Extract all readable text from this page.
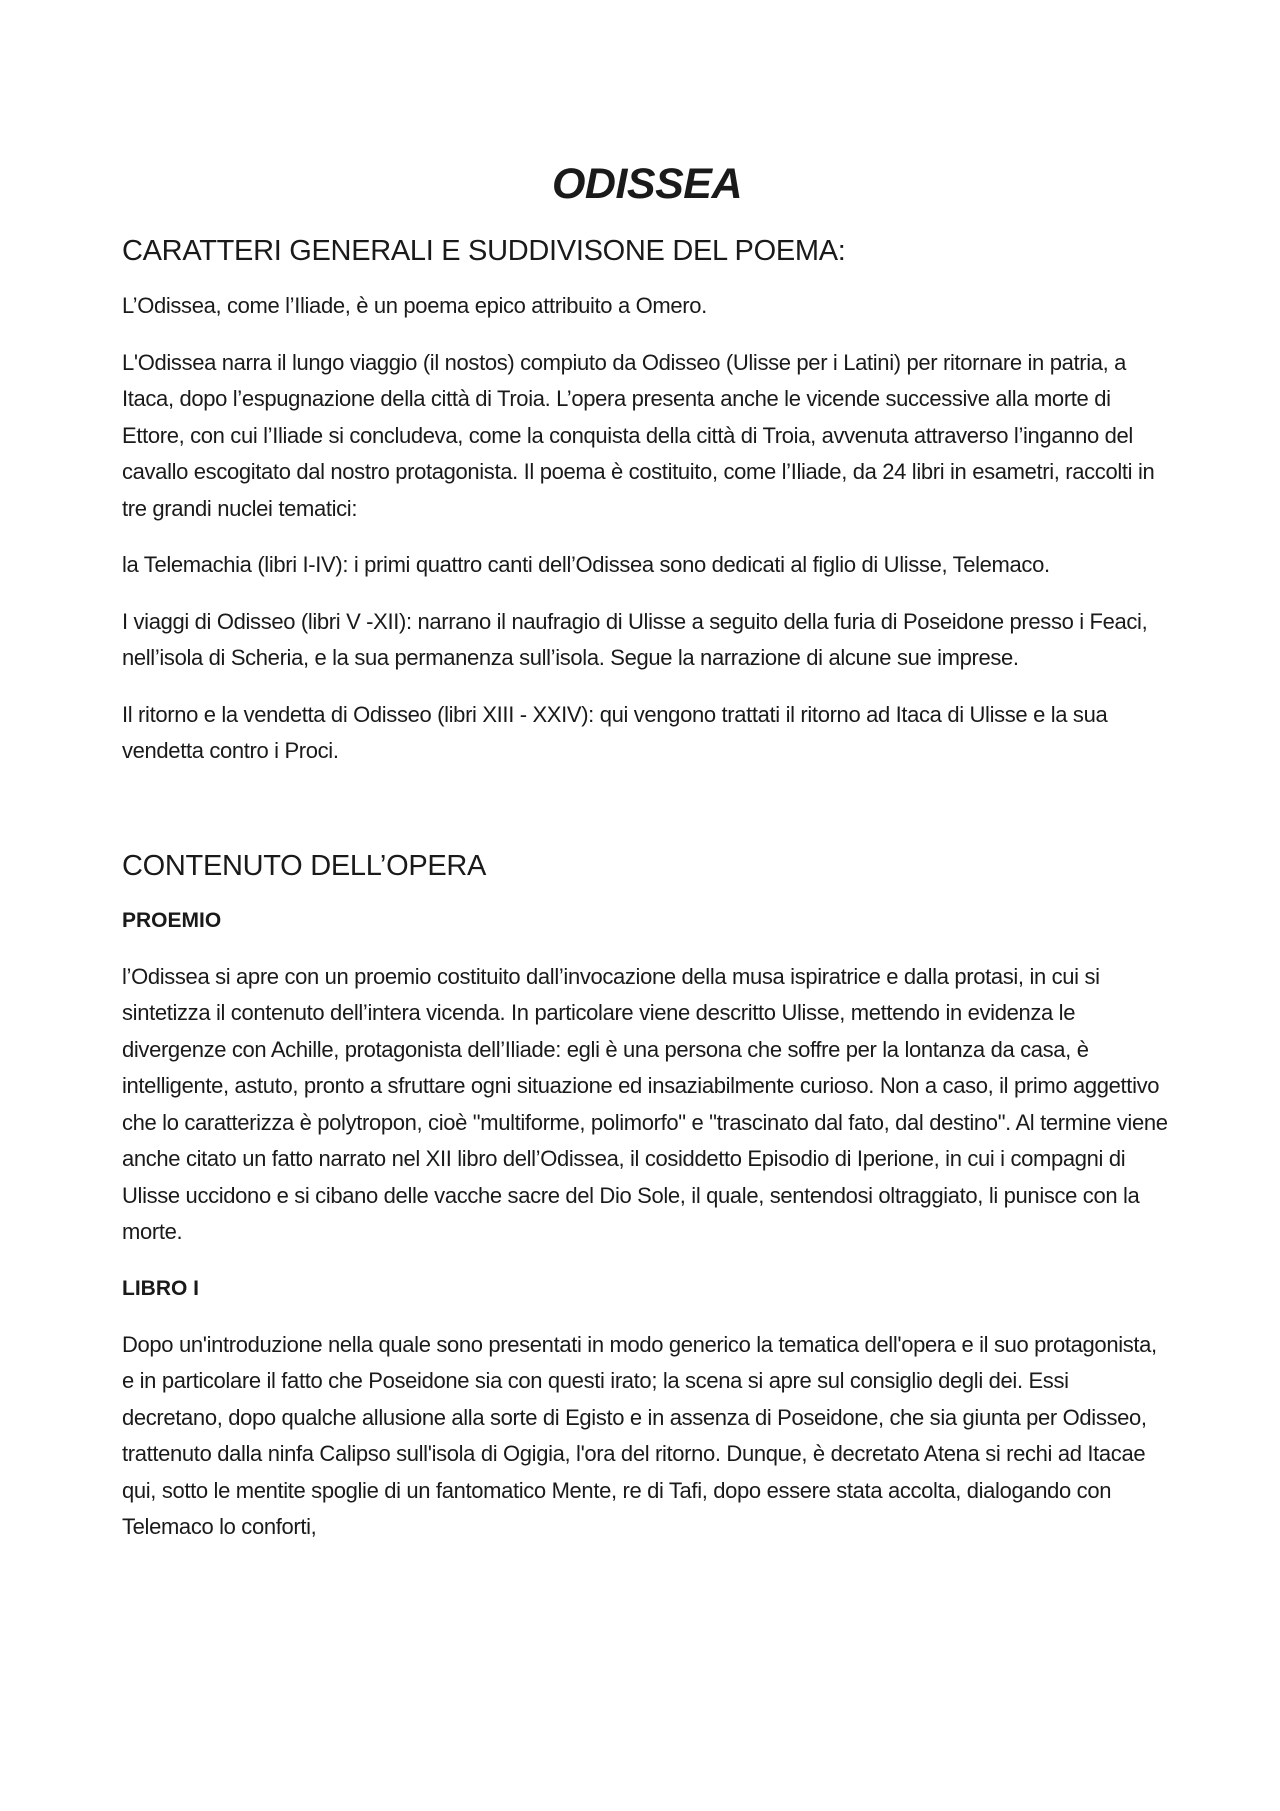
ODISSEA
CARATTERI GENERALI E SUDDIVISONE DEL POEMA:

L’Odissea, come l’Iliade, è un poema epico attribuito a Omero.

L'Odissea narra il lungo viaggio (il nostos) compiuto da Odisseo (Ulisse per i Latini) per ritornare in patria, a Itaca, dopo l’espugnazione della città di Troia. L’opera presenta anche le vicende successive alla morte di Ettore, con cui l’Iliade si concludeva, come la conquista della città di Troia, avvenuta attraverso l’inganno del cavallo escogitato dal nostro protagonista. Il poema è costituito, come l’Iliade, da 24 libri in esametri, raccolti in tre grandi nuclei tematici:

la Telemachia (libri I-IV): i primi quattro canti dell’Odissea sono dedicati al figlio di Ulisse, Telemaco.

I viaggi di Odisseo (libri V -XII): narrano il naufragio di Ulisse a seguito della furia di Poseidone presso i Feaci, nell’isola di Scheria, e la sua permanenza sull’isola. Segue la narrazione di alcune sue imprese.

Il ritorno e la vendetta di Odisseo (libri XIII - XXIV): qui vengono trattati il ritorno ad Itaca di Ulisse e la sua vendetta contro i Proci.

CONTENUTO DELL’OPERA
PROEMIO

l’Odissea si apre con un proemio costituito dall’invocazione della musa ispiratrice e dalla protasi, in cui si sintetizza il contenuto dell’intera vicenda. In particolare viene descritto Ulisse, mettendo in evidenza le divergenze con Achille, protagonista dell’Iliade: egli è una persona che soffre per la lontanza da casa, è intelligente, astuto, pronto a sfruttare ogni situazione ed insaziabilmente curioso. Non a caso, il primo aggettivo che lo caratterizza è polytropon, cioè "multiforme, polimorfo" e "trascinato dal fato, dal destino". Al termine viene anche citato un fatto narrato nel XII libro dell’Odissea, il cosiddetto Episodio di Iperione, in cui i compagni di Ulisse uccidono e si cibano delle vacche sacre del Dio Sole, il quale, sentendosi oltraggiato, li punisce con la morte.

LIBRO I

Dopo un'introduzione nella quale sono presentati in modo generico la tematica dell'opera e il suo protagonista, e in particolare il fatto che Poseidone sia con questi irato; la scena si apre sul consiglio degli dei. Essi decretano, dopo qualche allusione alla sorte di Egisto e in assenza di Poseidone, che sia giunta per Odisseo, trattenuto dalla ninfa Calipso sull'isola di Ogigia, l'ora del ritorno. Dunque, è decretato Atena si rechi ad Itacae qui, sotto le mentite spoglie di un fantomatico Mente, re di Tafi, dopo essere stata accolta, dialogando con Telemaco lo conforti,
